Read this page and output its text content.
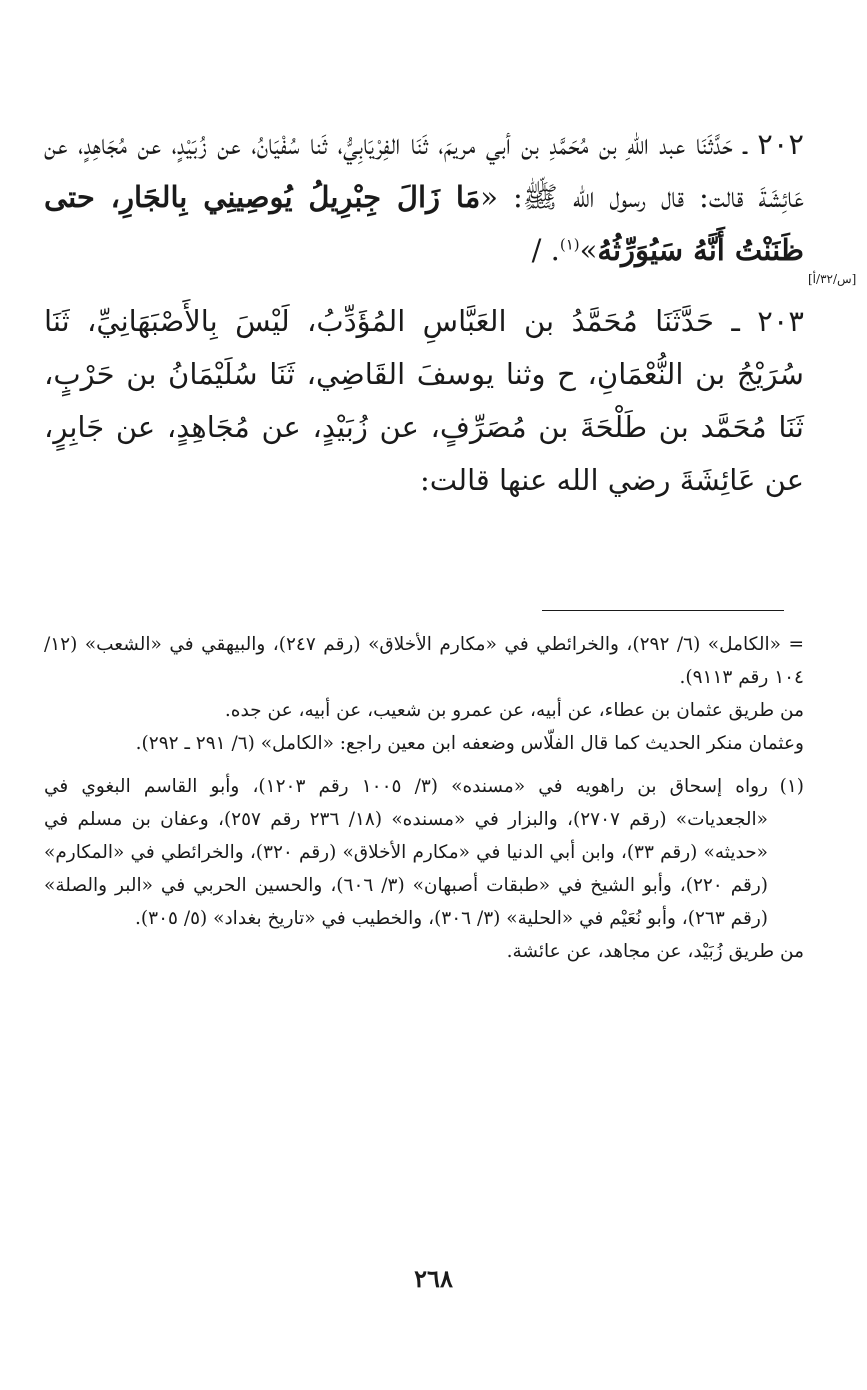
٢٠٢ ـ حَدَّثَنَا عبد اللهِ بن مُحَمَّدِ بن أبي مريمَ، ثَنَا الفِرْيَابِيُّ، ثَنا سُفْيَانُ، عن زُبَيْدٍ، عن مُجَاهِدٍ، عن عَائِشَةَ قالت: قال رسول الله ﷺ: «مَا زَالَ جِبْرِيلُ يُوصِينِي بِالجَارِ، حتى ظَنَنْتُ أَنَّهُ سَيُوَرِّثُهُ»$^{(١)}$. /

٢٠٣ ـ حَدَّثَنَا مُحَمَّدُ بن العَبَّاسِ المُؤَدِّبُ، لَيْسَ بِالأَصْبَهَانِيِّ، ثَنَا سُرَيْجُ بن النُّعْمَانِ، ح وثنا يوسفَ القَاضِي، ثَنَا سُلَيْمَانُ بن حَرْبٍ، ثَنَا مُحَمَّد بن طَلْحَةَ بن مُصَرِّفٍ، عن زُبَيْدٍ، عن مُجَاهِدٍ، عن جَابِرٍ، عن عَائِشَةَ رضي الله عنها قالت:

[س/٣٢/أ]

= «الكامل» (٦/ ٢٩٢)، والخرائطي في «مكارم الأخلاق» (رقم ٢٤٧)، والبيهقي في «الشعب» (١٢/ ١٠٤ رقم ٩١١٣).

من طريق عثمان بن عطاء، عن أبيه، عن عمرو بن شعيب، عن أبيه، عن جده.

وعثمان منكر الحديث كما قال الفلّاس وضعفه ابن معين راجع: «الكامل» (٦/ ٢٩١ ـ ٢٩٢).

(١)رواه إسحاق بن راهويه في «مسنده» (٣/ ١٠٠٥ رقم ١٢٠٣)، وأبو القاسم البغوي في «الجعديات» (رقم ٢٧٠٧)، والبزار في «مسنده» (١٨/ ٢٣٦ رقم ٢٥٧)، وعفان بن مسلم في «حديثه» (رقم ٣٣)، وابن أبي الدنيا في «مكارم الأخلاق» (رقم ٣٢٠)، والخرائطي في «المكارم» (رقم ٢٢٠)، وأبو الشيخ في «طبقات أصبهان» (٣/ ٦٠٦)، والحسين الحربي في «البر والصلة» (رقم ٢٦٣)، وأبو نُعَيْم في «الحلية» (٣/ ٣٠٦)، والخطيب في «تاريخ بغداد» (٥/ ٣٠٥).

من طريق زُبَيْد، عن مجاهد، عن عائشة.

٢٦٨
